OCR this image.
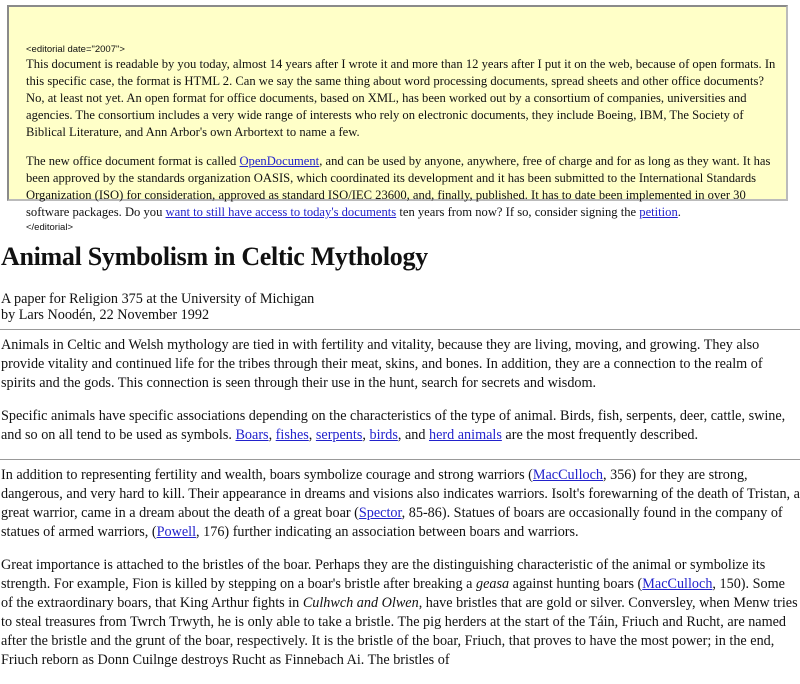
<editorial date="2007">

This document is readable by you today, almost 14 years after I wrote it and more than 12 years after I put it on the web, because of open formats. In this specific case, the format is HTML 2. Can we say the same thing about word processing documents, spread sheets and other office documents? No, at least not yet. An open format for office documents, based on XML, has been worked out by a consortium of companies, universities and agencies. The consortium includes a very wide range of interests who rely on electronic documents, they include Boeing, IBM, The Society of Biblical Literature, and Ann Arbor's own Arbortext to name a few.

The new office document format is called OpenDocument, and can be used by anyone, anywhere, free of charge and for as long as they want. It has been approved by the standards organization OASIS, which coordinated its development and it has been submitted to the International Standards Organization (ISO) for consideration, approved as standard ISO/IEC 23600, and, finally, published. It has to date been implemented in over 30 software packages. Do you want to still have access to today's documents ten years from now? If so, consider signing the petition.

</editorial>
Animal Symbolism in Celtic Mythology

A paper for Religion 375 at the University of Michigan
by Lars Noodén, 22 November 1992

Animals in Celtic and Welsh mythology are tied in with fertility and vitality, because they are living, moving, and growing. They also provide vitality and continued life for the tribes through their meat, skins, and bones. In addition, they are a connection to the realm of spirits and the gods. This connection is seen through their use in the hunt, search for secrets and wisdom.

Specific animals have specific associations depending on the characteristics of the type of animal. Birds, fish, serpents, deer, cattle, swine, and so on all tend to be used as symbols. Boars, fishes, serpents, birds, and herd animals are the most frequently described.

In addition to representing fertility and wealth, boars symbolize courage and strong warriors (MacCulloch, 356) for they are strong, dangerous, and very hard to kill. Their appearance in dreams and visions also indicates warriors. Isolt's forewarning of the death of Tristan, a great warrior, came in a dream about the death of a great boar (Spector, 85-86). Statues of boars are occasionally found in the company of statues of armed warriors, (Powell, 176) further indicating an association between boars and warriors.

Great importance is attached to the bristles of the boar. Perhaps they are the distinguishing characteristic of the animal or symbolize its strength. For example, Fion is killed by stepping on a boar's bristle after breaking a geasa against hunting boars (MacCulloch, 150). Some of the extraordinary boars, that King Arthur fights in Culhwch and Olwen, have bristles that are gold or silver. Conversley, when Menw tries to steal treasures from Twrch Trwyth, he is only able to take a bristle. The pig herders at the start of the Táin, Friuch and Rucht, are named after the bristle and the grunt of the boar, respectively. It is the bristle of the boar, Friuch, that proves to have the most power; in the end, Friuch reborn as Donn Cuilnge destroys Rucht as Finnebach Ai. The bristles of
